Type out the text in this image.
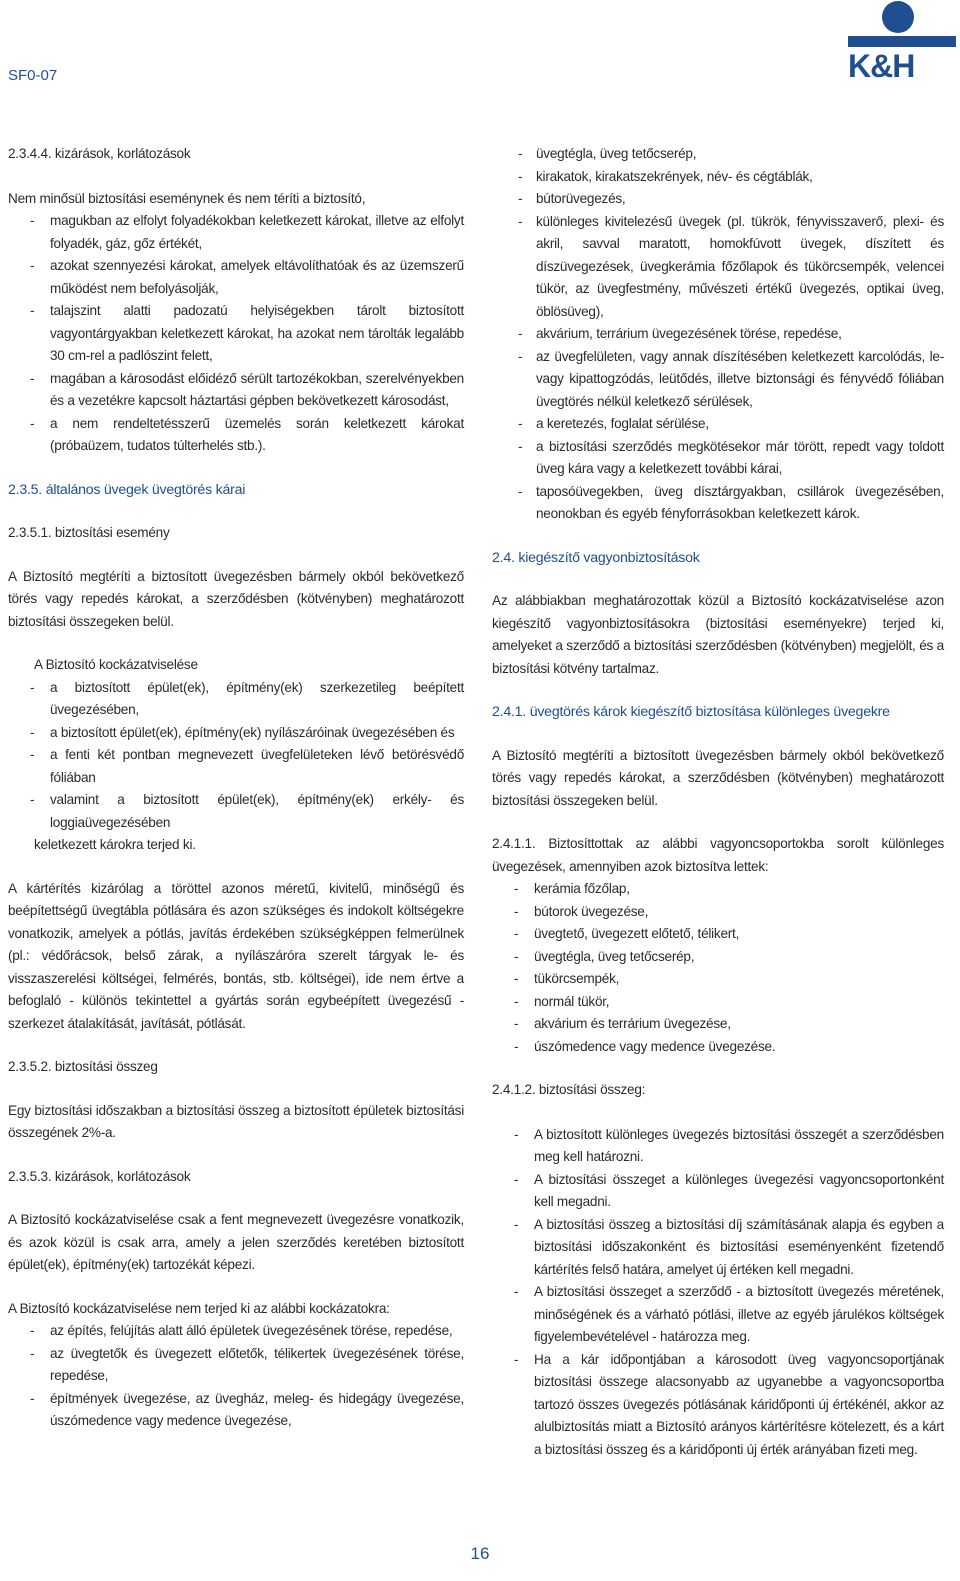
SF0-07	K&H

2.3.4.4. kizárások, korlátozások

Nem minősül biztosítási eseménynek és nem téríti a biztosító,

- magukban az elfolyt folyadékokban keletkezett károkat, illetve az elfolyt folyadék, gáz, gőz értékét,
- azokat szennyezési károkat, amelyek eltávolíthatóak és az üzemszerű működést nem befolyásolják,
- talajszint alatti padozatú helyiségekben tárolt biztosított vagyontárgyakban keletkezett károkat, ha azokat nem tárolták legalább 30 cm-rel a padlószint felett,
- magában a károsodást előidéző sérült tartozékokban, szerelvényekben és a vezetékre kapcsolt háztartási gépben bekövetkezett károsodást,
- a nem rendeltetésszerű üzemelés során keletkezett károkat (próbaüzem, tudatos túlterhelés stb.).

2.3.5. általános üvegek üvegtörés kárai

2.3.5.1. biztosítási esemény

A Biztosító megtéríti a biztosított üvegezésben bármely okból bekövetkező törés vagy repedés károkat, a szerződésben (kötvényben) meghatározott biztosítási összegeken belül.

A Biztosító kockázatviselése

- a biztosított épület(ek), építmény(ek) szerkezetileg beépített üvegezésében,
- a biztosított épület(ek), építmény(ek) nyílászáróinak üvegezésében és
- a fenti két pontban megnevezett üvegfelületeken lévő betörésvédő fóliában
- valamint a biztosított épület(ek), építmény(ek) erkély- és loggiaüvegezésében

keletkezett károkra terjed ki.

A kártérítés kizárólag a töröttel azonos méretű, kivitelű, minőségű és beépítettségű üvegtábla pótlására és azon szükséges és indokolt költségekre vonatkozik, amelyek a pótlás, javítás érdekében szükségképpen felmerülnek (pl.: védőrácsok, belső zárak, a nyílászáróra szerelt tárgyak le- és visszaszerelési költségei, felmérés, bontás, stb. költségei), ide nem értve a befoglaló - különös tekintettel a gyártás során egybeépített üvegezésű - szerkezet átalakítását, javítását, pótlását.

2.3.5.2. biztosítási összeg

Egy biztosítási időszakban a biztosítási összeg a biztosított épületek biztosítási összegének 2%-a.

2.3.5.3. kizárások, korlátozások

A Biztosító kockázatviselése csak a fent megnevezett üvegezésre vonatkozik, és azok közül is csak arra, amely a jelen szerződés keretében biztosított épület(ek), építmény(ek) tartozékát képezi.

A Biztosító kockázatviselése nem terjed ki az alábbi kockázatokra:

- az építés, felújítás alatt álló épületek üvegezésének törése, repedése,
- az üvegtetők és üvegezett előtetők, télikertek üvegezésének törése, repedése,
- építmények üvegezése, az üvegház, meleg- és hidegágy üvegezése, úszómedence vagy medence üvegezése,
- üvegtégla, üveg tetőcserép,
- kirakatok, kirakatszekrények, név- és cégtáblák,
- bútorüvegezés,
- különleges kivitelezésű üvegek (pl. tükrök, fényvisszaverő, plexi- és akril, savval maratott, homokfúvott üvegek, díszített és díszüvegezések, üvegkerámia főzőlapok és tükörcsempék, velencei tükör, az üvegfestmény, művészeti értékű üvegezés, optikai üveg, öblösüveg),
- akvárium, terrárium üvegezésének törése, repedése,
- az üvegfelületen, vagy annak díszítésében keletkezett karcolódás, le- vagy kipattogzódás, leütődés, illetve biztonsági és fényvédő fóliában üvegtörés nélkül keletkező sérülések,
- a keretezés, foglalat sérülése,
- a biztosítási szerződés megkötésekor már törött, repedt vagy toldott üveg kára vagy a keletkezett további kárai,
- taposóüvegekben, üveg dísztárgyakban, csillárok üvegezésében, neonokban és egyéb fényforrásokban keletkezett károk.

2.4. kiegészítő vagyonbiztosítások

Az alábbiakban meghatározottak közül a Biztosító kockázatviselése azon kiegészítő vagyonbiztosításokra (biztosítási eseményekre) terjed ki, amelyeket a szerződő a biztosítási szerződésben (kötvényben) megjelölt, és a biztosítási kötvény tartalmaz.

2.4.1. üvegtörés károk kiegészítő biztosítása különleges üvegekre

A Biztosító megtéríti a biztosított üvegezésben bármely okból bekövetkező törés vagy repedés károkat, a szerződésben (kötvényben) meghatározott biztosítási összegeken belül.

2.4.1.1. Biztosíttottak az alábbi vagyoncsoportokba sorolt különleges üvegezések, amennyiben azok biztosítva lettek:

- kerámia főzőlap,
- bútorok üvegezése,
- üvegtető, üvegezett előtető, télikert,
- üvegtégla, üveg tetőcserép,
- tükörcsempék,
- normál tükör,
- akvárium és terrárium üvegezése,
- úszómedence vagy medence üvegezése.

2.4.1.2. biztosítási összeg:

- A biztosított különleges üvegezés biztosítási összegét a szerződésben meg kell határozni.
- A biztosítási összeget a különleges üvegezési vagyoncsoportonként kell megadni.
- A biztosítási összeg a biztosítási díj számításának alapja és egyben a biztosítási időszakonként és biztosítási eseményenként fizetendő kártérítés felső határa, amelyet új értéken kell megadni.
- A biztosítási összeget a szerződő - a biztosított üvegezés méretének, minőségének és a várható pótlási, illetve az egyéb járulékos költségek figyelembevételével - határozza meg.
- Ha a kár időpontjában a károsodott üveg vagyoncsoportjának biztosítási összege alacsonyabb az ugyanebbe a vagyoncsoportba tartozó összes üvegezés pótlásának káridőponti új értékénél, akkor az alulbiztosítás miatt a Biztosító arányos kártérítésre kötelezett, és a kárt a biztosítási összeg és a káridőponti új érték arányában fizeti meg.
16
